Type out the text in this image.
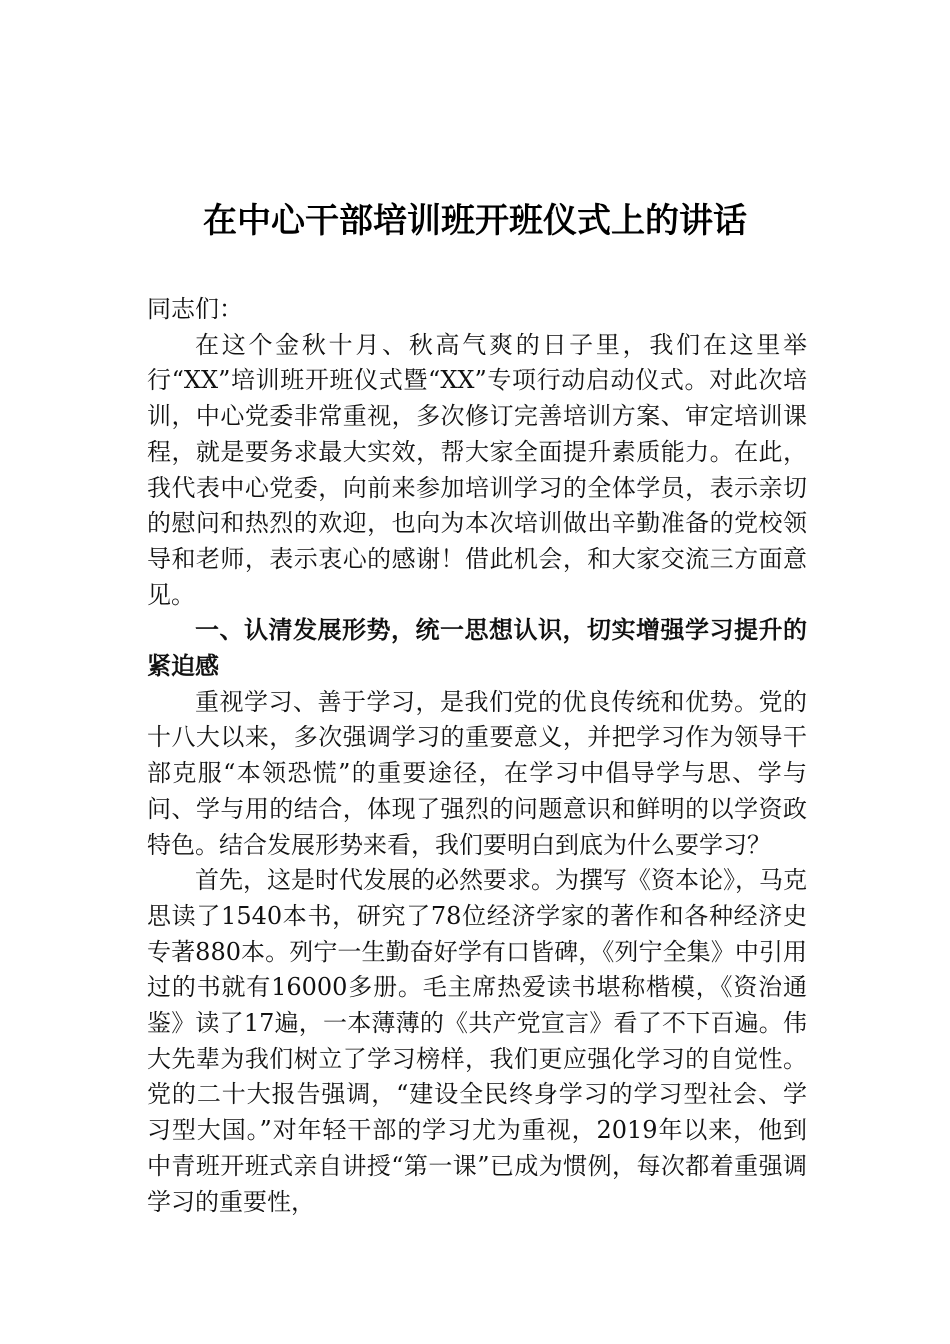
在中心干部培训班开班仪式上的讲话

同志们：

在这个金秋十月、秋高气爽的日子里，我们在这里举行“XX”培训班开班仪式暨“XX”专项行动启动仪式。对此次培训，中心党委非常重视，多次修订完善培训方案、审定培训课程，就是要务求最大实效，帮大家全面提升素质能力。在此，我代表中心党委，向前来参加培训学习的全体学员，表示亲切的慰问和热烈的欢迎，也向为本次培训做出辛勤准备的党校领导和老师，表示衷心的感谢！借此机会，和大家交流三方面意见。

一、认清发展形势，统一思想认识，切实增强学习提升的紧迫感

重视学习、善于学习，是我们党的优良传统和优势。党的十八大以来，多次强调学习的重要意义，并把学习作为领导干部克服“本领恐慌”的重要途径，在学习中倡导学与思、学与问、学与用的结合，体现了强烈的问题意识和鲜明的以学资政特色。结合发展形势来看，我们要明白到底为什么要学习？

首先，这是时代发展的必然要求。为撰写《资本论》，马克思读了1540本书，研究了78位经济学家的著作和各种经济史专著880本。列宁一生勤奋好学有口皆碑，《列宁全集》中引用过的书就有16000多册。毛主席热爱读书堪称楷模，《资治通鉴》读了17遍，一本薄薄的《共产党宣言》看了不下百遍。伟大先辈为我们树立了学习榜样，我们更应强化学习的自觉性。党的二十大报告强调，“建设全民终身学习的学习型社会、学习型大国。”对年轻干部的学习尤为重视，2019年以来，他到中青班开班式亲自讲授“第一课”已成为惯例，每次都着重强调学习的重要性，
